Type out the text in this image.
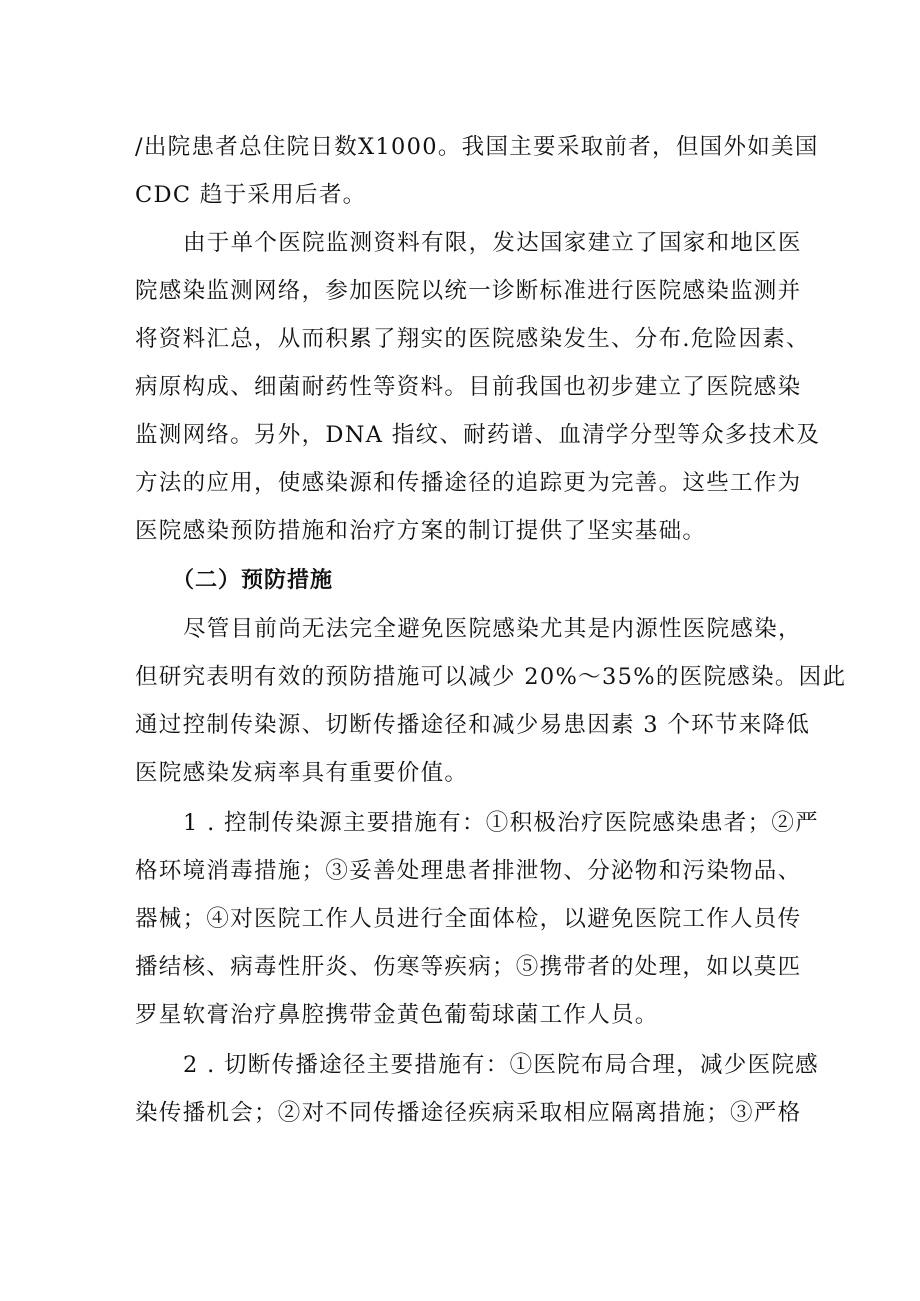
/出院患者总住院日数X1000。我国主要采取前者，但国外如美国
CDC 趋于采用后者。
由于单个医院监测资料有限，发达国家建立了国家和地区医
院感染监测网络，参加医院以统一诊断标准进行医院感染监测并
将资料汇总，从而积累了翔实的医院感染发生、分布.危险因素、
病原构成、细菌耐药性等资料。目前我国也初步建立了医院感染
监测网络。另外，DNA 指纹、耐药谱、血清学分型等众多技术及
方法的应用，使感染源和传播途径的追踪更为完善。这些工作为
医院感染预防措施和治疗方案的制订提供了坚实基础。
（二）预防措施
尽管目前尚无法完全避免医院感染尤其是内源性医院感染，
但研究表明有效的预防措施可以减少 20%～35%的医院感染。因此
通过控制传染源、切断传播途径和减少易患因素 3 个环节来降低
医院感染发病率具有重要价值。
1 . 控制传染源主要措施有：①积极治疗医院感染患者；②严
格环境消毒措施；③妥善处理患者排泄物、分泌物和污染物品、
器械；④对医院工作人员进行全面体检，以避免医院工作人员传
播结核、病毒性肝炎、伤寒等疾病；⑤携带者的处理，如以莫匹
罗星软膏治疗鼻腔携带金黄色葡萄球菌工作人员。
2 . 切断传播途径主要措施有：①医院布局合理，减少医院感
染传播机会；②对不同传播途径疾病采取相应隔离措施；③严格
